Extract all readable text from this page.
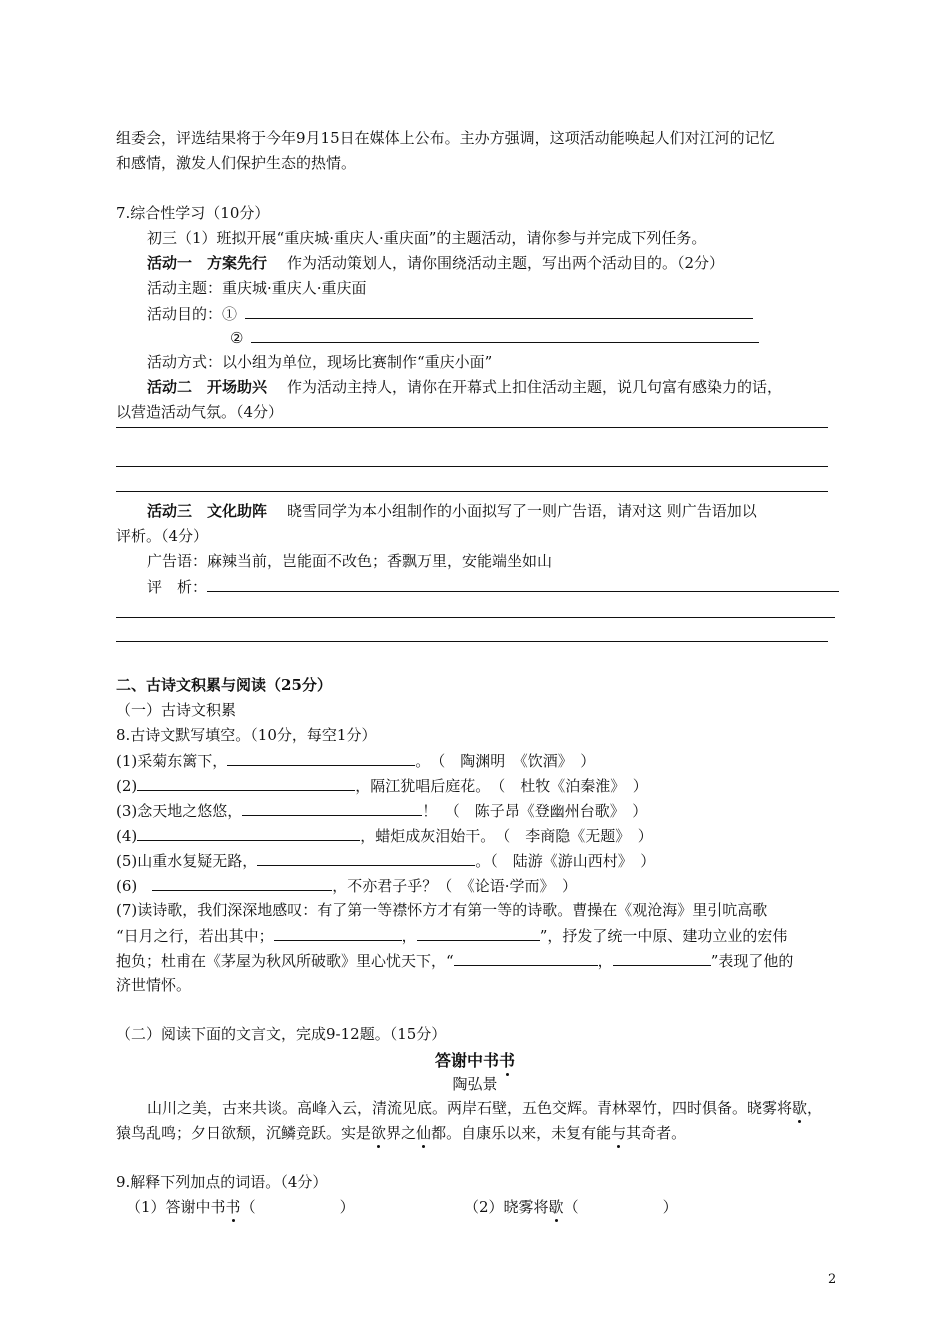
组委会，评选结果将于今年9月15日在媒体上公布。主办方强调，这项活动能唤起人们对江河的记忆
和感情，激发人们保护生态的热情。
7.综合性学习（10分）
初三（1）班拟开展“重庆城·重庆人·重庆面”的主题活动，请你参与并完成下列任务。
活动一　方案先行 作为活动策划人，请你围绕活动主题，写出两个活动目的。（2分）
活动主题：重庆城·重庆人·重庆面
活动目的：①
②
活动方式：以小组为单位，现场比赛制作“重庆小面”
活动二　开场助兴 作为活动主持人，请你在开幕式上扣住活动主题，说几句富有感染力的话，
以营造活动气氛。（4分）
活动三　文化助阵 晓雪同学为本小组制作的小面拟写了一则广告语，请对这 则广告语加以
评析。（4分）
广告语：麻辣当前，岂能面不改色；香飘万里，安能端坐如山
评　析：
二、古诗文积累与阅读（25分）
（一）古诗文积累
8.古诗文默写填空。（10分，每空1分）
(1)采菊东篱下，	。　（　陶渊明　《饮酒》　）
(2)	，隔江犹唱后庭花。　（　杜牧《泊秦淮》　）
(3)念天地之悠悠，	！　（　陈子昂《登幽州台歌》　）
(4)	，蜡炬成灰泪始干。　（　李商隐《无题》　）
(5)山重水复疑无路，	。（　陆游《游山西村》　）
(6)　	，不亦君子乎？（　《论语·学而》　）
(7)读诗歌，我们深深地感叹：有了第一等襟怀方才有第一等的诗歌。曹操在《观沧海》里引吭高歌
“日月之行，若出其中；	，	”，抒发了统一中原、建功立业的宏伟
抱负；杜甫在《茅屋为秋风所破歌》里心忧天下，“	，	”表现了他的
济世情怀。
（二）阅读下面的文言文，完成9-12题。（15分）
答谢中书书
陶弘景
山川之美，古来共谈。高峰入云，清流见底。两岸石壁，五色交辉。青林翠竹，四时俱备。晓雾将歇，
猿鸟乱鸣；夕日欲颓，沉鳞竞跃。实是欲界之仙都。自康乐以来，未复有能与其奇者。
9.解释下列加点的词语。（4分）
（1）答谢中书书（	）	（2）晓雾将歇（	）
2
